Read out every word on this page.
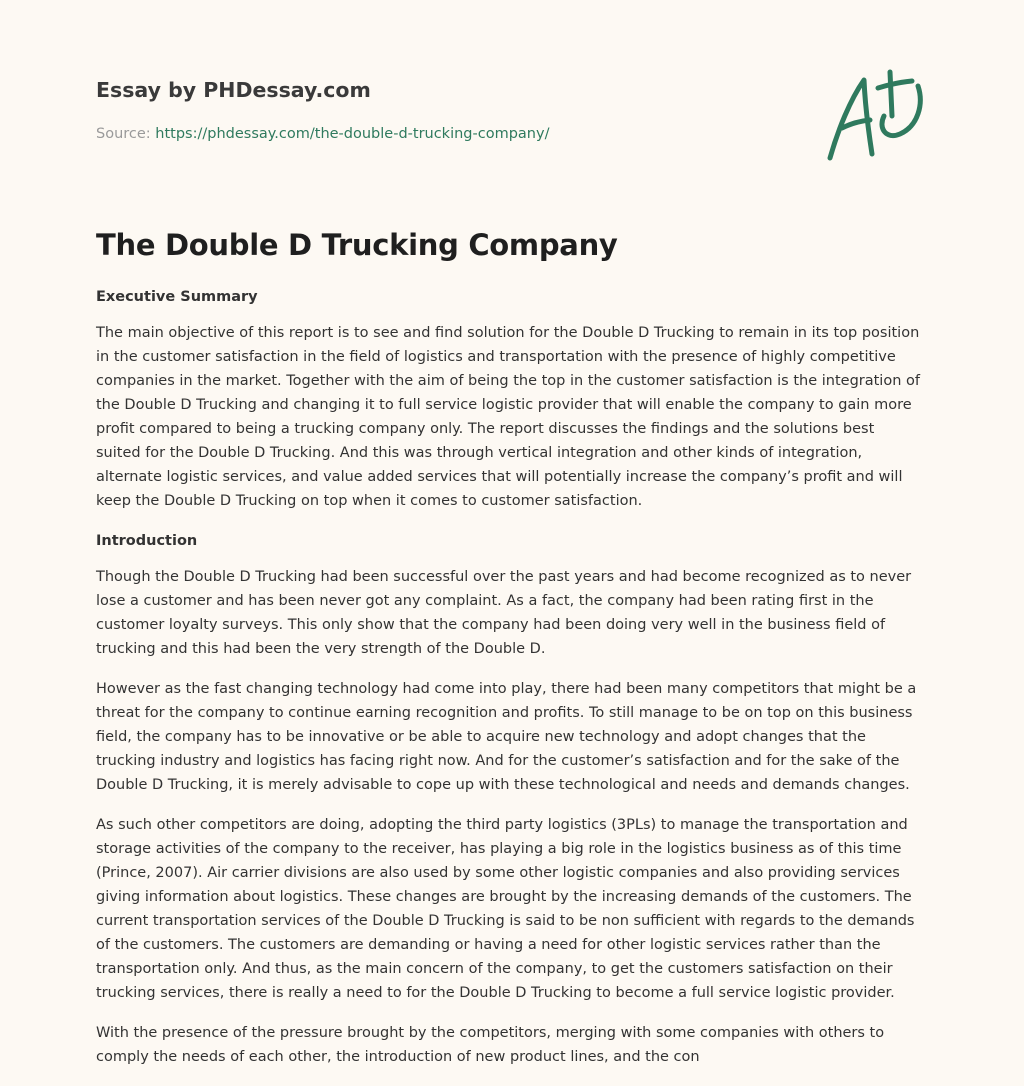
Essay by PHDessay.com
Source: https://phdessay.com/the-double-d-trucking-company/
The Double D Trucking Company
Executive Summary

The main objective of this report is to see and find solution for the Double D Trucking to remain in its top position
in the customer satisfaction in the field of logistics and transportation with the presence of highly competitive
companies in the market. Together with the aim of being the top in the customer satisfaction is the integration of
the Double D Trucking and changing it to full service logistic provider that will enable the company to gain more
profit compared to being a trucking company only. The report discusses the findings and the solutions best
suited for the Double D Trucking. And this was through vertical integration and other kinds of integration,
alternate logistic services, and value added services that will potentially increase the company’s profit and will
keep the Double D Trucking on top when it comes to customer satisfaction.

Introduction

Though the Double D Trucking had been successful over the past years and had become recognized as to never
lose a customer and has been never got any complaint. As a fact, the company had been rating first in the
customer loyalty surveys. This only show that the company had been doing very well in the business field of
trucking and this had been the very strength of the Double D.

However as the fast changing technology had come into play, there had been many competitors that might be a
threat for the company to continue earning recognition and profits. To still manage to be on top on this business
field, the company has to be innovative or be able to acquire new technology and adopt changes that the
trucking industry and logistics has facing right now. And for the customer’s satisfaction and for the sake of the
Double D Trucking, it is merely advisable to cope up with these technological and needs and demands changes.

As such other competitors are doing, adopting the third party logistics (3PLs) to manage the transportation and
storage activities of the company to the receiver, has playing a big role in the logistics business as of this time
(Prince, 2007). Air carrier divisions are also used by some other logistic companies and also providing services
giving information about logistics. These changes are brought by the increasing demands of the customers. The
current transportation services of the Double D Trucking is said to be non sufficient with regards to the demands
of the customers. The customers are demanding or having a need for other logistic services rather than the
transportation only. And thus, as the main concern of the company, to get the customers satisfaction on their
trucking services, there is really a need to for the Double D Trucking to become a full service logistic provider.

With the presence of the pressure brought by the competitors, merging with some companies with others to
comply the needs of each other, the introduction of new product lines, and the con
